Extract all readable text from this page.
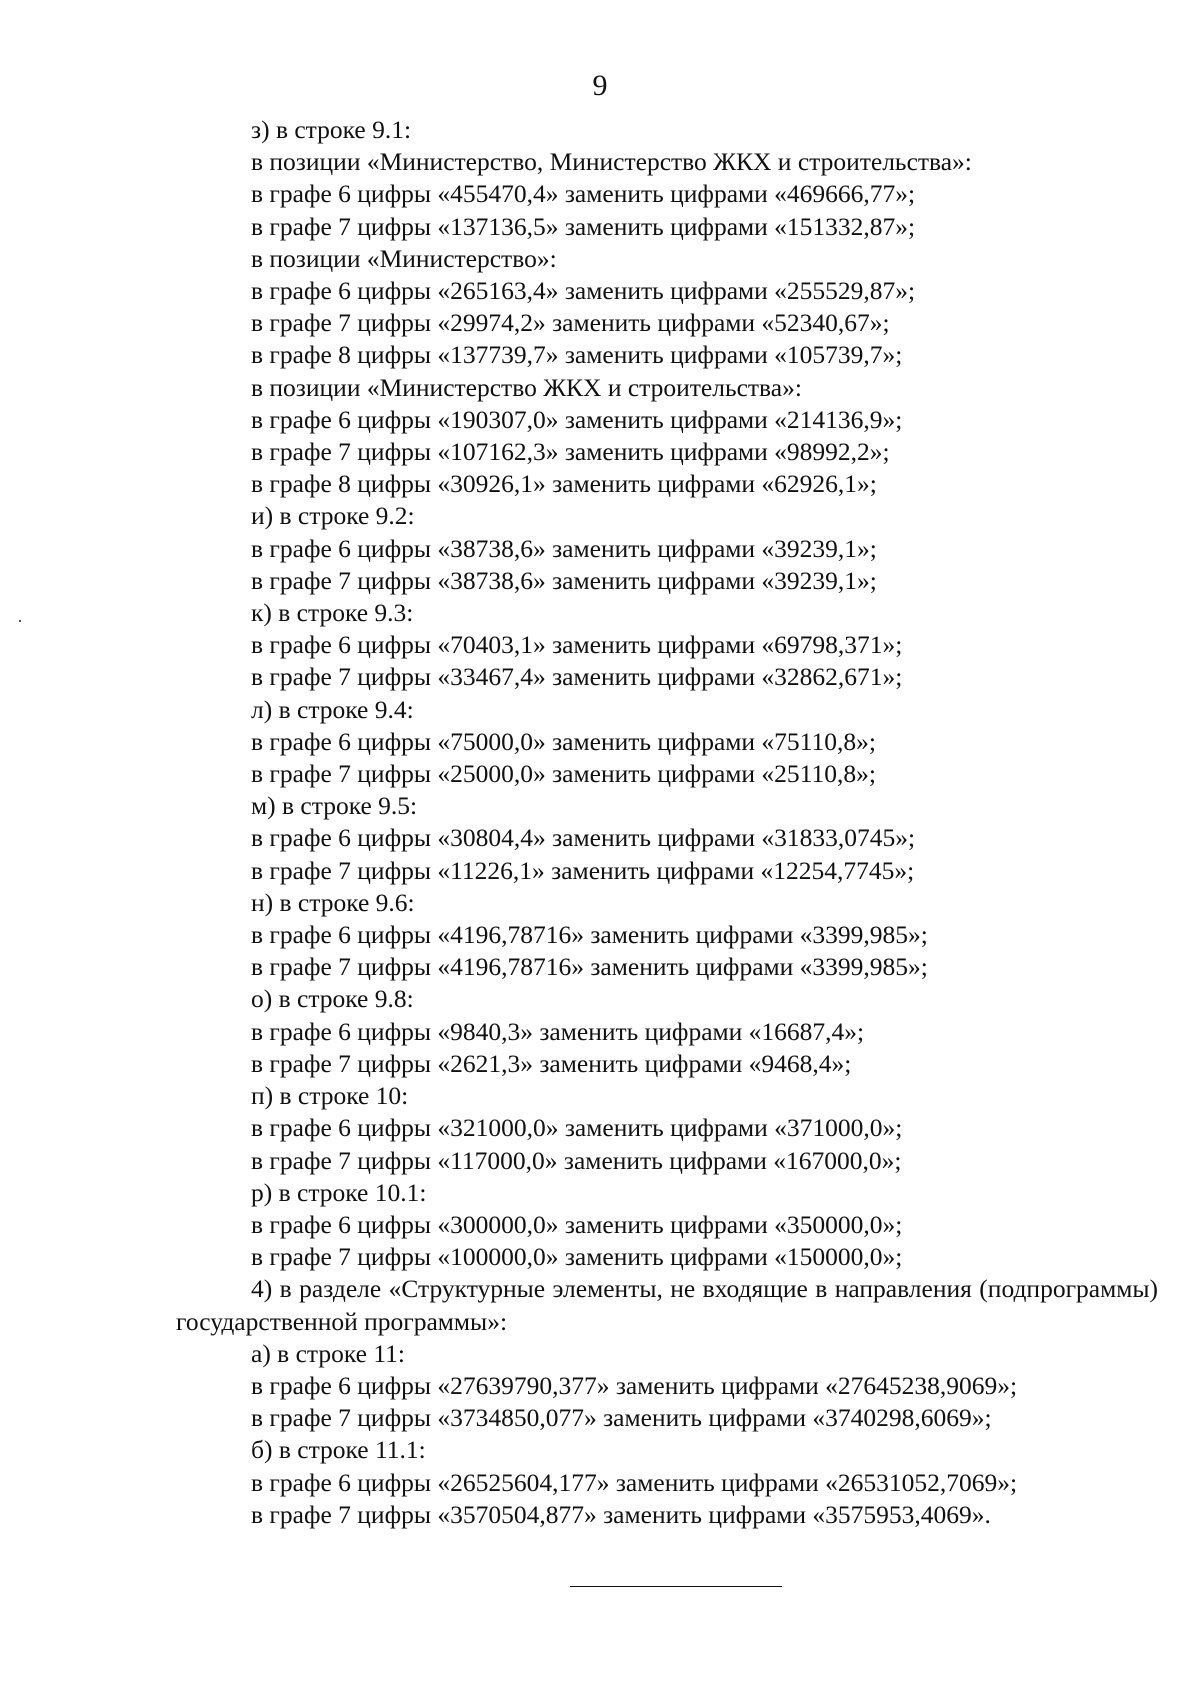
9
з) в строке 9.1:
в позиции «Министерство, Министерство ЖКХ и строительства»:
в графе 6 цифры «455470,4» заменить цифрами «469666,77»;
в графе 7 цифры «137136,5» заменить цифрами «151332,87»;
в позиции «Министерство»:
в графе 6 цифры «265163,4» заменить цифрами «255529,87»;
в графе 7 цифры «29974,2» заменить цифрами «52340,67»;
в графе 8 цифры «137739,7» заменить цифрами «105739,7»;
в позиции «Министерство ЖКХ и строительства»:
в графе 6 цифры «190307,0» заменить цифрами «214136,9»;
в графе 7 цифры «107162,3» заменить цифрами «98992,2»;
в графе 8 цифры «30926,1» заменить цифрами «62926,1»;
и) в строке 9.2:
в графе 6 цифры «38738,6» заменить цифрами «39239,1»;
в графе 7 цифры «38738,6» заменить цифрами «39239,1»;
к) в строке 9.3:
в графе 6 цифры «70403,1» заменить цифрами «69798,371»;
в графе 7 цифры «33467,4» заменить цифрами «32862,671»;
л) в строке 9.4:
в графе 6 цифры «75000,0» заменить цифрами «75110,8»;
в графе 7 цифры «25000,0» заменить цифрами «25110,8»;
м) в строке 9.5:
в графе 6 цифры «30804,4» заменить цифрами «31833,0745»;
в графе 7 цифры «11226,1» заменить цифрами «12254,7745»;
н) в строке 9.6:
в графе 6 цифры «4196,78716» заменить цифрами «3399,985»;
в графе 7 цифры «4196,78716» заменить цифрами «3399,985»;
о) в строке 9.8:
в графе 6 цифры «9840,3» заменить цифрами «16687,4»;
в графе 7 цифры «2621,3» заменить цифрами «9468,4»;
п) в строке 10:
в графе 6 цифры «321000,0» заменить цифрами «371000,0»;
в графе 7 цифры «117000,0» заменить цифрами «167000,0»;
р) в строке 10.1:
в графе 6 цифры «300000,0» заменить цифрами «350000,0»;
в графе 7 цифры «100000,0» заменить цифрами «150000,0»;
4) в разделе «Структурные элементы, не входящие в направления (подпрограммы) государственной программы»:
а) в строке 11:
в графе 6 цифры «27639790,377» заменить цифрами «27645238,9069»;
в графе 7 цифры «3734850,077» заменить цифрами «3740298,6069»;
б) в строке 11.1:
в графе 6 цифры «26525604,177» заменить цифрами «26531052,7069»;
в графе 7 цифры «3570504,877» заменить цифрами «3575953,4069».
